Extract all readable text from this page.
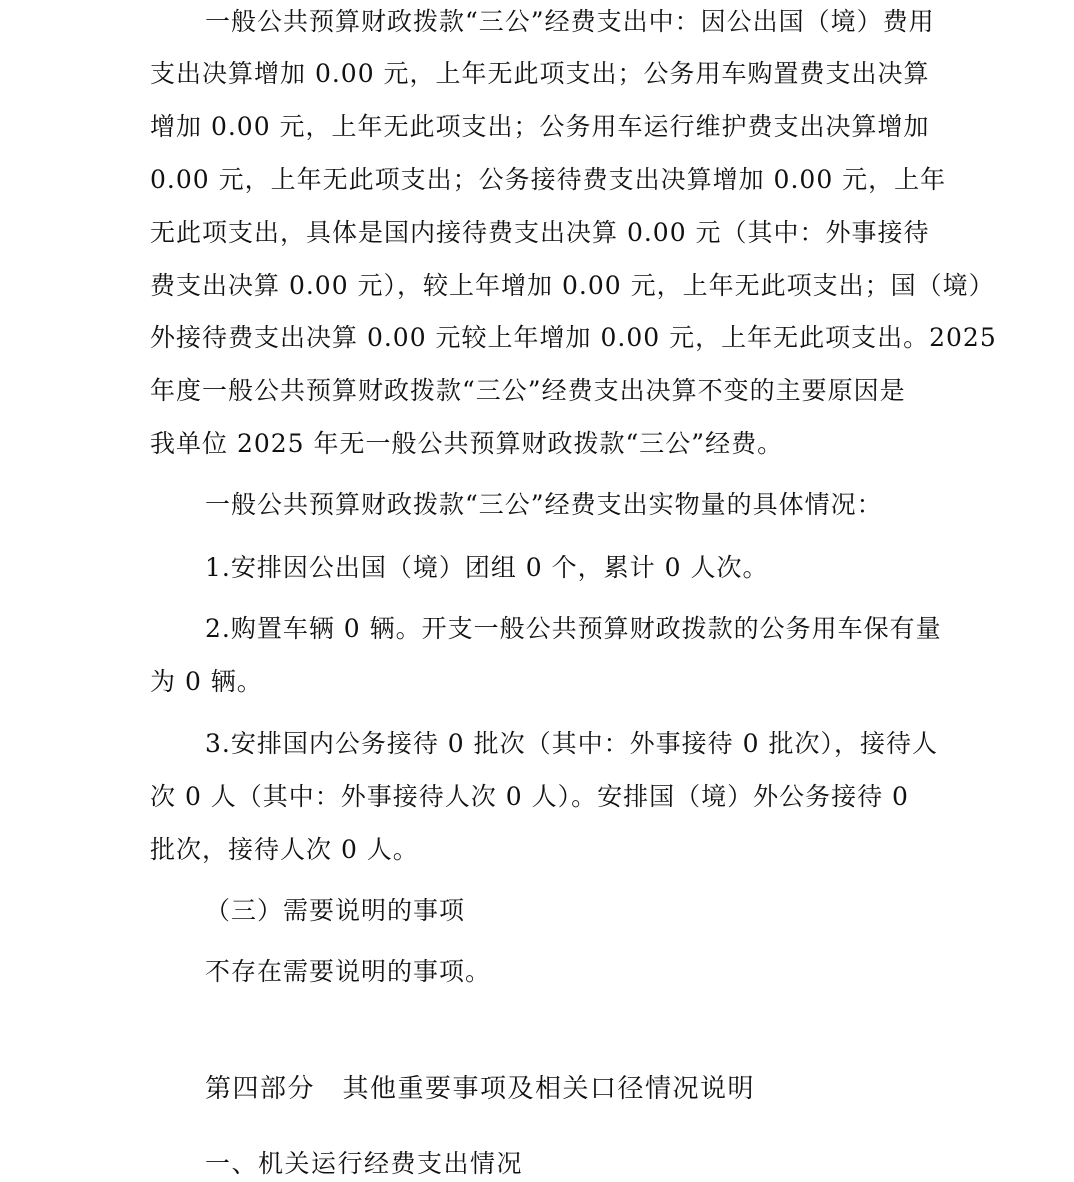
一般公共预算财政拨款“三公”经费支出中：因公出国（境）费用
支出决算增加 0.00 元，上年无此项支出；公务用车购置费支出决算
增加 0.00 元，上年无此项支出；公务用车运行维护费支出决算增加
0.00 元，上年无此项支出；公务接待费支出决算增加 0.00 元，上年
无此项支出，具体是国内接待费支出决算 0.00 元（其中：外事接待
费支出决算 0.00 元），较上年增加 0.00 元，上年无此项支出；国（境）
外接待费支出决算 0.00 元较上年增加 0.00 元，上年无此项支出。2025
年度一般公共预算财政拨款“三公”经费支出决算不变的主要原因是
我单位 2025 年无一般公共预算财政拨款“三公”经费。
一般公共预算财政拨款“三公”经费支出实物量的具体情况：
1.安排因公出国（境）团组 0 个，累计 0 人次。
2.购置车辆 0 辆。开支一般公共预算财政拨款的公务用车保有量
为 0 辆。
3.安排国内公务接待 0 批次（其中：外事接待 0 批次），接待人
次 0 人（其中：外事接待人次 0 人）。安排国（境）外公务接待 0
批次，接待人次 0 人。
（三）需要说明的事项
不存在需要说明的事项。
第四部分　其他重要事项及相关口径情况说明
一、机关运行经费支出情况
